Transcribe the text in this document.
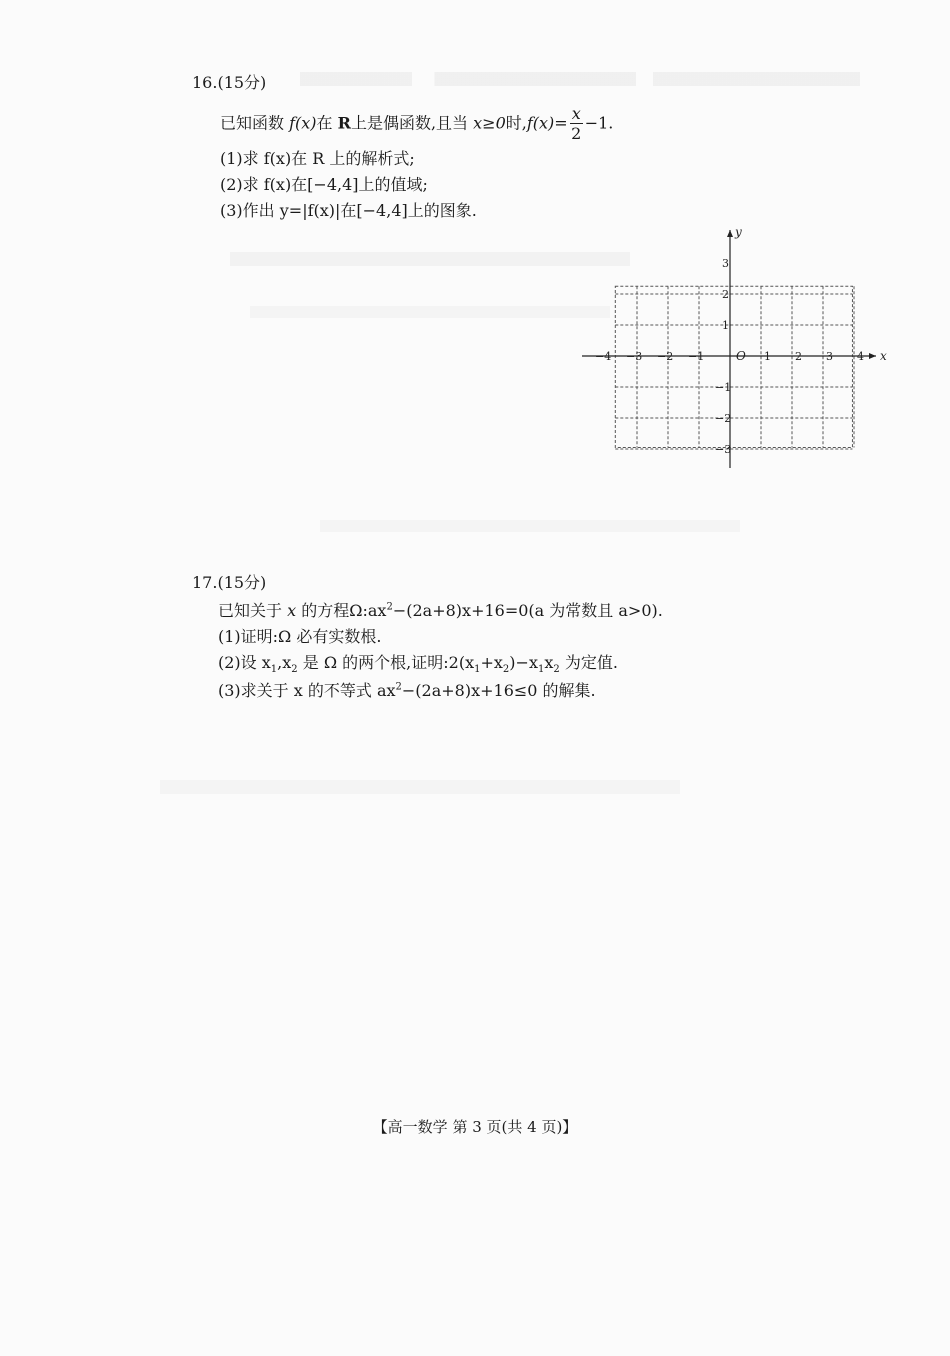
16.(15分)
已知函数 f(x)在 R上是偶函数,且当 x≥0时$,f(x)= \frac{x}{2} -1$.
(1)求 f(x)在 R 上的解析式;
(2)求 f(x)在[−4,4]上的值域;
(3)作出 y=|f(x)|在[−4,4]上的图象.
x
y
O
−4 −3 −2 −1	1 2 3 4
3
2
1
−1
−2
−3
17.(15分)
已知关于 x 的方程$\Omega:ax^2-(2a+8)x+16=0(a$ 为常数且 a>0).
(1)证明:Ω 必有实数根.
(2)设 $x_1,x_2$ 是 Ω 的两个根,证明$:2(x_1+x_2)-x_1x_2$ 为定值.
(3)求关于 x 的不等式 $ax^2-(2a+8)x+16\le 0$ 的解集.
【高一数学 第 3 页(共 4 页)】
